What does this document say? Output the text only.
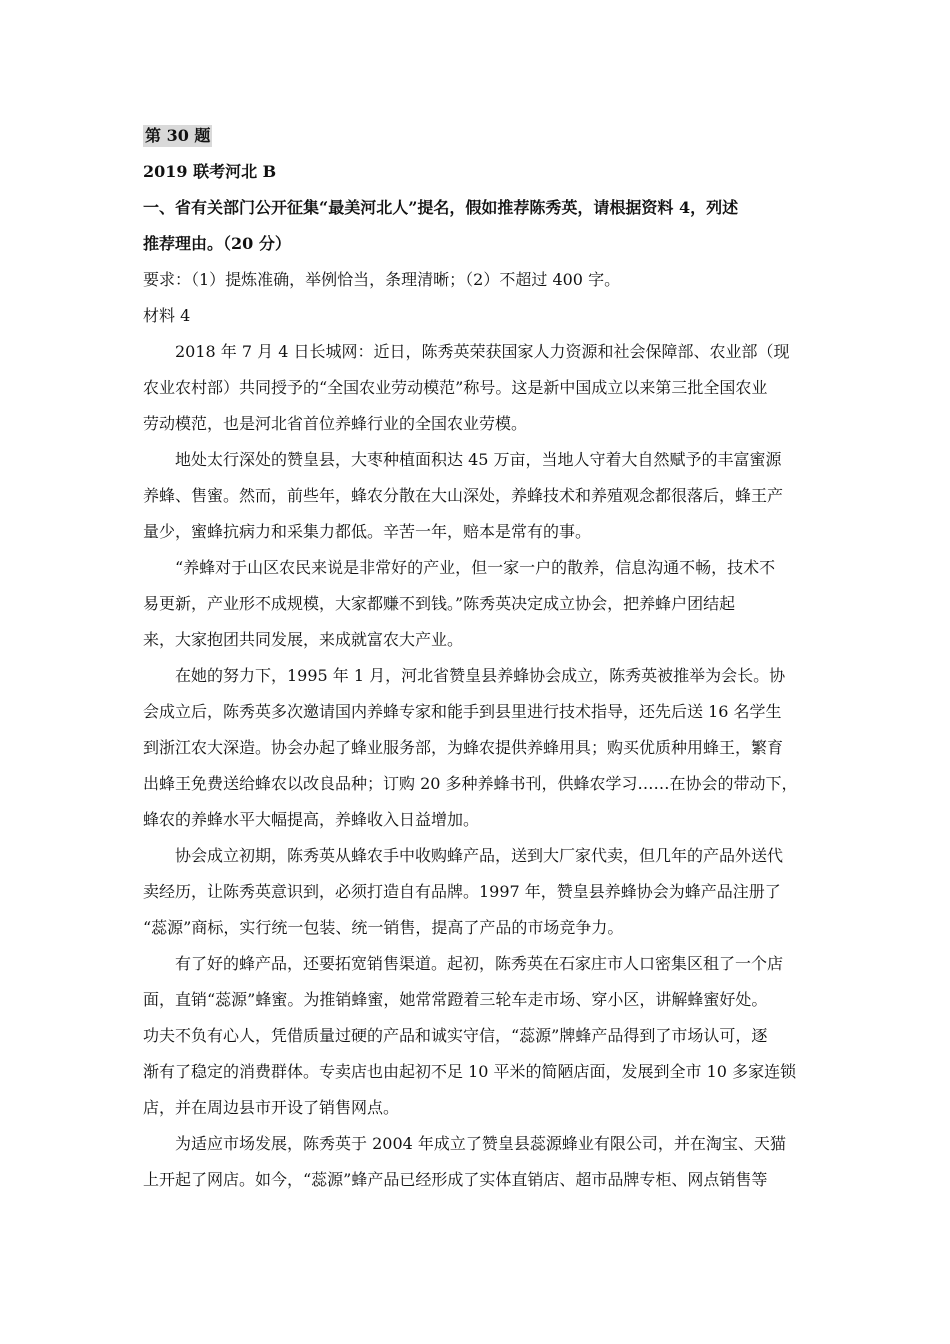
第 30 题
2019 联考河北 B
一、省有关部门公开征集“最美河北人”提名，假如推荐陈秀英，请根据资料 4，列述
推荐理由。（20 分）
要求：（1）提炼准确，举例恰当，条理清晰；（2）不超过 400 字。
材料 4
2018 年 7 月 4 日长城网：近日，陈秀英荣获国家人力资源和社会保障部、农业部（现
农业农村部）共同授予的“全国农业劳动模范”称号。这是新中国成立以来第三批全国农业
劳动模范，也是河北省首位养蜂行业的全国农业劳模。
地处太行深处的赞皇县，大枣种植面积达 45 万亩，当地人守着大自然赋予的丰富蜜源
养蜂、售蜜。然而，前些年，蜂农分散在大山深处，养蜂技术和养殖观念都很落后，蜂王产
量少，蜜蜂抗病力和采集力都低。辛苦一年，赔本是常有的事。
“养蜂对于山区农民来说是非常好的产业，但一家一户的散养，信息沟通不畅，技术不
易更新，产业形不成规模，大家都赚不到钱。”陈秀英决定成立协会，把养蜂户团结起
来，大家抱团共同发展，来成就富农大产业。
在她的努力下，1995 年 1 月，河北省赞皇县养蜂协会成立，陈秀英被推举为会长。协
会成立后，陈秀英多次邀请国内养蜂专家和能手到县里进行技术指导，还先后送 16 名学生
到浙江农大深造。协会办起了蜂业服务部，为蜂农提供养蜂用具；购买优质种用蜂王，繁育
出蜂王免费送给蜂农以改良品种；订购 20 多种养蜂书刊，供蜂农学习……在协会的带动下，
蜂农的养蜂水平大幅提高，养蜂收入日益增加。
协会成立初期，陈秀英从蜂农手中收购蜂产品，送到大厂家代卖，但几年的产品外送代
卖经历，让陈秀英意识到，必须打造自有品牌。1997 年，赞皇县养蜂协会为蜂产品注册了
“蕊源”商标，实行统一包装、统一销售，提高了产品的市场竞争力。
有了好的蜂产品，还要拓宽销售渠道。起初，陈秀英在石家庄市人口密集区租了一个店
面，直销“蕊源”蜂蜜。为推销蜂蜜，她常常蹬着三轮车走市场、穿小区，讲解蜂蜜好处。
功夫不负有心人，凭借质量过硬的产品和诚实守信，“蕊源”牌蜂产品得到了市场认可，逐
渐有了稳定的消费群体。专卖店也由起初不足 10 平米的简陋店面，发展到全市 10 多家连锁
店，并在周边县市开设了销售网点。
为适应市场发展，陈秀英于 2004 年成立了赞皇县蕊源蜂业有限公司，并在淘宝、天猫
上开起了网店。如今，“蕊源”蜂产品已经形成了实体直销店、超市品牌专柜、网点销售等
